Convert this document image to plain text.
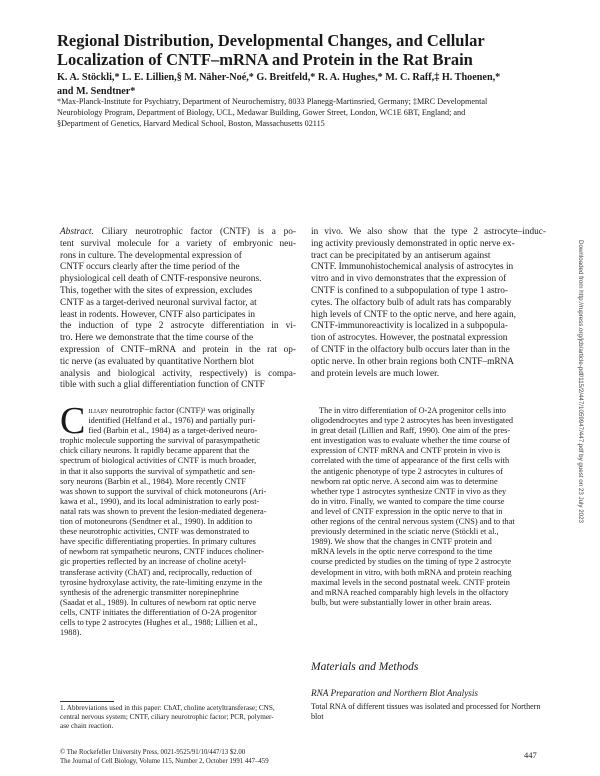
Regional Distribution, Developmental Changes, and Cellular Localization of CNTF–mRNA and Protein in the Rat Brain
K. A. Stöckli,* L. E. Lillien,§ M. Näher-Noé,* G. Breitfeld,* R. A. Hughes,* M. C. Raff,‡ H. Thoenen,*
and M. Sendtner*
*Max-Planck-Institute for Psychiatry, Department of Neurochemistry, 8033 Planegg-Martinsried, Germany; ‡MRC Developmental
Neurobiology Program, Department of Biology, UCL, Medawar Building, Gower Street, London, WC1E 6BT, England; and
§Department of Genetics, Harvard Medical School, Boston, Massachusetts 02115
Abstract. Ciliary neurotrophic factor (CNTF) is a po-
tent survival molecule for a variety of embryonic neu-
rons in culture. The developmental expression of
CNTF occurs clearly after the time period of the
physiological cell death of CNTF-responsive neurons.
This, together with the sites of expression, excludes
CNTF as a target-derived neuronal survival factor, at
least in rodents. However, CNTF also participates in
the induction of type 2 astrocyte differentiation in vi-
tro. Here we demonstrate that the time course of the
expression of CNTF–mRNA and protein in the rat op-
tic nerve (as evaluated by quantitative Northern blot
analysis and biological activity, respectively) is compa-
tible with such a glial differentiation function of CNTF
in vivo. We also show that the type 2 astrocyte–induc-
ing activity previously demonstrated in optic nerve ex-
tract can be precipitated by an antiserum against
CNTF. Immunohistochemical analysis of astrocytes in
vitro and in vivo demonstrates that the expression of
CNTF is confined to a subpopulation of type 1 astro-
cytes. The olfactory bulb of adult rats has comparably
high levels of CNTF to the optic nerve, and here again,
CNTF-immunoreactivity is localized in a subpopula-
tion of astrocytes. However, the postnatal expression
of CNTF in the olfactory bulb occurs later than in the
optic nerve. In other brain regions both CNTF–mRNA
and protein levels are much lower.
C iliary neurotrophic factor (CNTF)¹ was originally
identified (Helfand et al., 1976) and partially puri-
fied (Barbin et al., 1984) as a target-derived neuro-
trophic molecule supporting the survival of parasympathetic
chick ciliary neurons. It rapidly became apparent that the
spectrum of biological activities of CNTF is much broader,
in that it also supports the survival of sympathetic and sen-
sory neurons (Barbin et al., 1984). More recently CNTF
was shown to support the survival of chick motoneurons (Ari-
kawa et al., 1990), and its local administration to early post-
natal rats was shown to prevent the lesion-mediated degenera-
tion of motoneurons (Sendtner et al., 1990). In addition to
these neurotrophic activities, CNTF was demonstrated to
have specific differentiating properties. In primary cultures
of newborn rat sympathetic neurons, CNTF induces choliner-
gic properties reflected by an increase of choline acetyl-
transferase activity (ChAT) and, reciprocally, reduction of
tyrosine hydroxylase activity, the rate-limiting enzyme in the
synthesis of the adrenergic transmitter norepinephrine
(Saadat et al., 1989). In cultures of newborn rat optic nerve
cells, CNTF initiates the differentiation of O-2A progenitor
cells to type 2 astrocytes (Hughes et al., 1988; Lillien et al.,
1988).
The in vitro differentiation of O-2A progenitor cells into
oligodendrocytes and type 2 astrocytes has been investigated
in great detail (Lillien and Raff, 1990). One aim of the pres-
ent investigation was to evaluate whether the time course of
expression of CNTF mRNA and CNTF protein in vivo is
correlated with the time of appearance of the first cells with
the antigenic phenotype of type 2 astrocytes in cultures of
newborn rat optic nerve. A second aim was to determine
whether type 1 astrocytes synthesize CNTF in vivo as they
do in vitro. Finally, we wanted to compare the time course
and level of CNTF expression in the optic nerve to that in
other regions of the central nervous system (CNS) and to that
previously determined in the sciatic nerve (Stöckli et al.,
1989). We show that the changes in CNTF protein and
mRNA levels in the optic nerve correspond to the time
course predicted by studies on the timing of type 2 astrocyte
development in vitro, with both mRNA and protein reaching
maximal levels in the second postnatal week. CNTF protein
and mRNA reached comparably high levels in the olfactory
bulb, but were substantially lower in other brain areas.
Materials and Methods
RNA Preparation and Northern Blot Analysis
Total RNA of different tissues was isolated and processed for Northern blot
1. Abbreviations used in this paper: ChAT, choline acetyltransferase; CNS,
central nervous system; CNTF, ciliary neurotrophic factor; PCR, polymer-
ase chain reaction.
© The Rockefeller University Press, 0021-9525/91/10/447/13 $2.00
The Journal of Cell Biology, Volume 115, Number 2, October 1991 447–459
447
Downloaded from http://rupress.org/jcb/article-pdf/115/2/447/1059947/447.pdf by guest on 23 July 2023
